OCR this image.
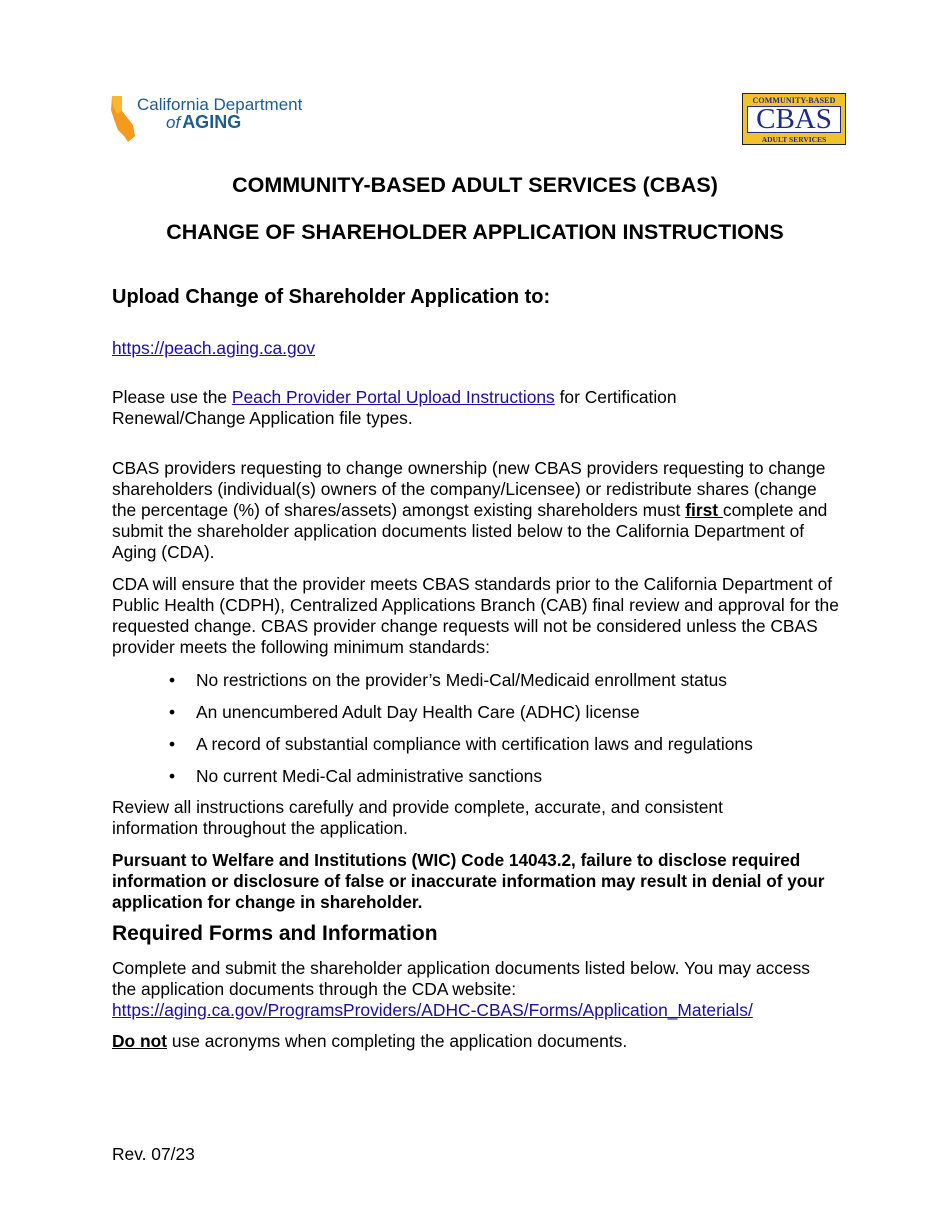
California Department
of AGING
COMMUNITY-BASED
CBAS
ADULT SERVICES
COMMUNITY-BASED ADULT SERVICES (CBAS)
CHANGE OF SHAREHOLDER APPLICATION INSTRUCTIONS
Upload Change of Shareholder Application to:
https://peach.aging.ca.gov

Please use the Peach Provider Portal Upload Instructions for Certification Renewal/Change Application file types.

CBAS providers requesting to change ownership (new CBAS providers requesting to change shareholders (individual(s) owners of the company/Licensee) or redistribute shares (change the percentage (%) of shares/assets) amongst existing shareholders must first complete and submit the shareholder application documents listed below to the California Department of Aging (CDA).

CDA will ensure that the provider meets CBAS standards prior to the California Department of Public Health (CDPH), Centralized Applications Branch (CAB) final review and approval for the requested change. CBAS provider change requests will not be considered unless the CBAS provider meets the following minimum standards:

• No restrictions on the provider’s Medi-Cal/Medicaid enrollment status
• An unencumbered Adult Day Health Care (ADHC) license
• A record of substantial compliance with certification laws and regulations
• No current Medi-Cal administrative sanctions

Review all instructions carefully and provide complete, accurate, and consistent information throughout the application.

Pursuant to Welfare and Institutions (WIC) Code 14043.2, failure to disclose required information or disclosure of false or inaccurate information may result in denial of your application for change in shareholder.

Required Forms and Information

Complete and submit the shareholder application documents listed below. You may access the application documents through the CDA website:

https://aging.ca.gov/ProgramsProviders/ADHC-CBAS/Forms/Application_Materials/

Do not use acronyms when completing the application documents.

Rev. 07/23
